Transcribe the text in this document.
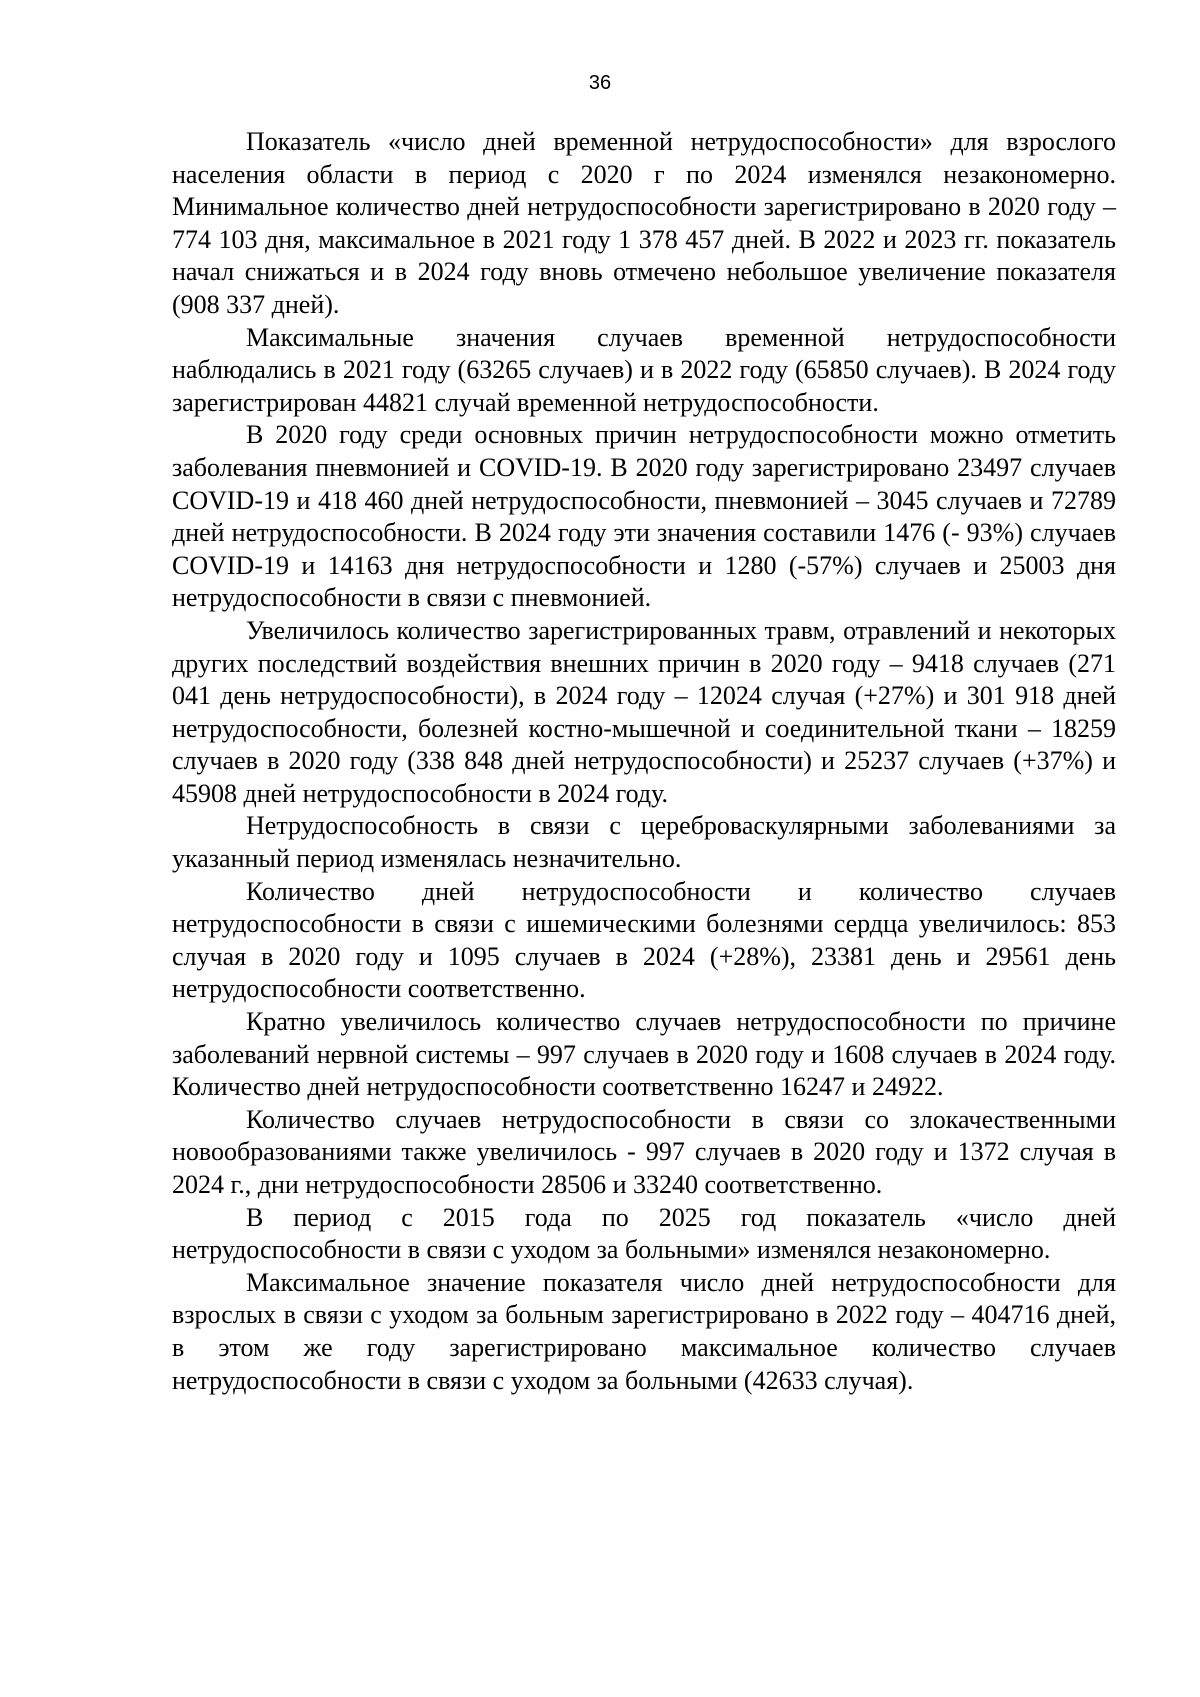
36

Показатель «число дней временной нетрудоспособности» для взрослого населения области в период с 2020 г по 2024 изменялся незакономерно. Минимальное количество дней нетрудоспособности зарегистрировано в 2020 году – 774 103 дня, максимальное в 2021 году 1 378 457 дней. В 2022 и 2023 гг. показатель начал снижаться и в 2024 году вновь отмечено небольшое увеличение показателя (908 337 дней).

Максимальные значения случаев временной нетрудоспособности наблюдались в 2021 году (63265 случаев) и в 2022 году (65850 случаев). В 2024 году зарегистрирован 44821 случай временной нетрудоспособности.

В 2020 году среди основных причин нетрудоспособности можно отметить заболевания пневмонией и COVID-19. В 2020 году зарегистрировано 23497 случаев COVID-19 и 418 460 дней нетрудоспособности, пневмонией – 3045 случаев и 72789 дней нетрудоспособности. В 2024 году эти значения составили 1476 (- 93%) случаев COVID-19 и 14163 дня нетрудоспособности и 1280 (-57%) случаев и 25003 дня нетрудоспособности в связи с пневмонией.

Увеличилось количество зарегистрированных травм, отравлений и некоторых других последствий воздействия внешних причин в 2020 году – 9418 случаев (271 041 день нетрудоспособности), в 2024 году – 12024 случая (+27%) и 301 918 дней нетрудоспособности, болезней костно-мышечной и соединительной ткани – 18259 случаев в 2020 году (338 848 дней нетрудоспособности) и 25237 случаев (+37%) и 45908 дней нетрудоспособности в 2024 году.

Нетрудоспособность в связи с цереброваскулярными заболеваниями за указанный период изменялась незначительно.

Количество дней нетрудоспособности и количество случаев нетрудоспособности в связи с ишемическими болезнями сердца увеличилось: 853 случая в 2020 году и 1095 случаев в 2024 (+28%), 23381 день и 29561 день нетрудоспособности соответственно.

Кратно увеличилось количество случаев нетрудоспособности по причине заболеваний нервной системы – 997 случаев в 2020 году и 1608 случаев в 2024 году. Количество дней нетрудоспособности соответственно 16247 и 24922.

Количество случаев нетрудоспособности в связи со злокачественными новообразованиями также увеличилось - 997 случаев в 2020 году и 1372 случая в 2024 г., дни нетрудоспособности 28506 и 33240 соответственно.

В период с 2015 года по 2025 год показатель «число дней нетрудоспособности в связи с уходом за больными» изменялся незакономерно.

Максимальное значение показателя число дней нетрудоспособности для взрослых в связи с уходом за больным зарегистрировано в 2022 году – 404716 дней, в этом же году зарегистрировано максимальное количество случаев нетрудоспособности в связи с уходом за больными (42633 случая).
